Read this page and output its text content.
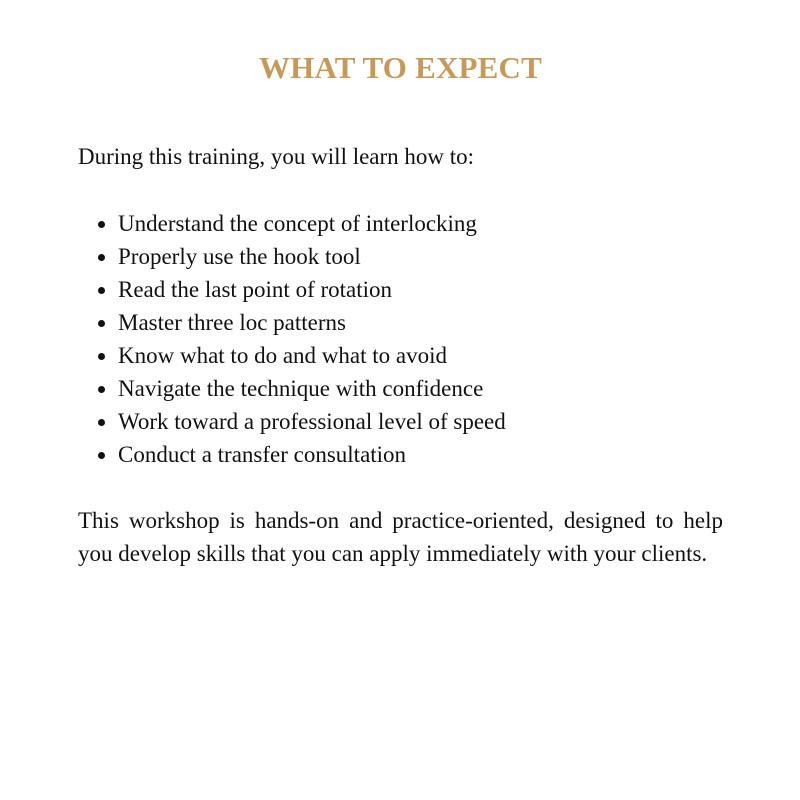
WHAT TO EXPECT

During this training, you will learn how to:

• Understand the concept of interlocking
• Properly use the hook tool
• Read the last point of rotation
• Master three loc patterns
• Know what to do and what to avoid
• Navigate the technique with confidence
• Work toward a professional level of speed
• Conduct a transfer consultation

This workshop is hands-on and practice-oriented, designed to help you develop skills that you can apply immediately with your clients.
